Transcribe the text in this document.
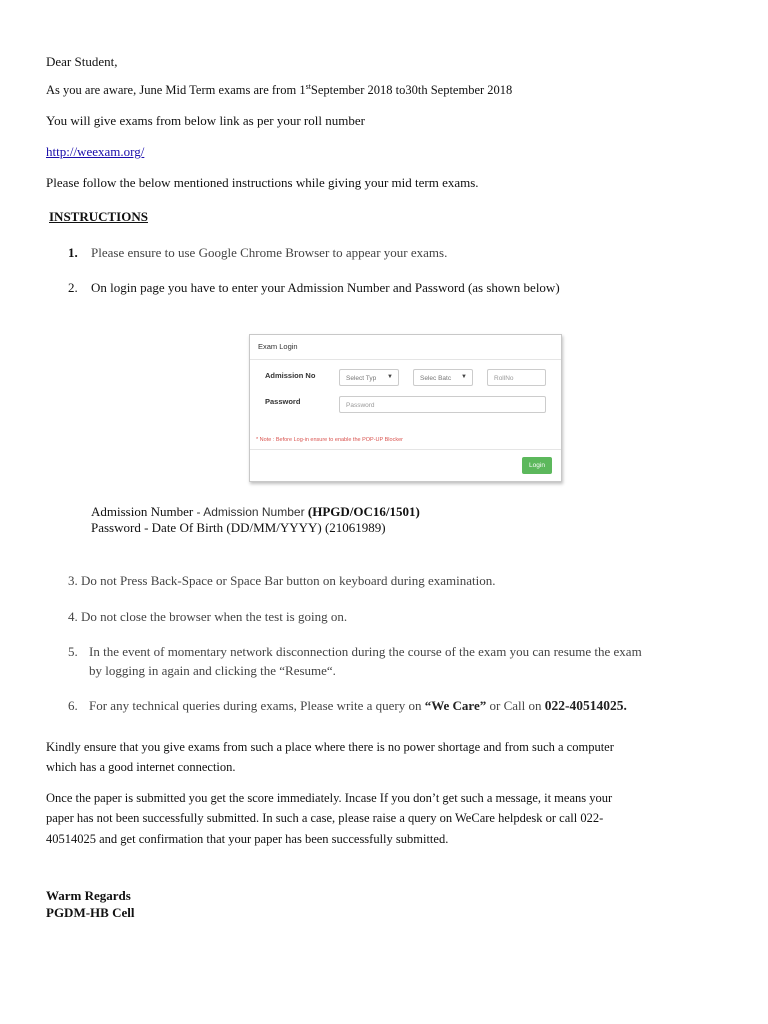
Dear Student,
As you are aware, June Mid Term exams are from 1stSeptember 2018 to30th September 2018
You will give exams from below link as per your roll number
http://weexam.org/
Please follow the below mentioned instructions while giving your mid term exams.
INSTRUCTIONS
1. Please ensure to use Google Chrome Browser to appear your exams.
2. On login page you have to enter your Admission Number and Password (as shown below)
Exam Login
Admission No	Select Typ ▼	Selec Batc ▼	RollNo
Password	Password
* Note : Before Log-in ensure to enable the POP-UP Blocker
Login
Admission Number - Admission Number (HPGD/OC16/1501)
Password - Date Of Birth (DD/MM/YYYY) (21061989)
3. Do not Press Back-Space or Space Bar button on keyboard during examination.
4. Do not close the browser when the test is going on.
5. In the event of momentary network disconnection during the course of the exam you can resume the exam
by logging in again and clicking the “Resume“.
6. For any technical queries during exams, Please write a query on “We Care” or Call on 022-40514025.
Kindly ensure that you give exams from such a place where there is no power shortage and from such a computer
which has a good internet connection.
Once the paper is submitted you get the score immediately. Incase If you don’t get such a message, it means your
paper has not been successfully submitted. In such a case, please raise a query on WeCare helpdesk or call 022-
40514025 and get confirmation that your paper has been successfully submitted.
Warm Regards
PGDM-HB Cell
